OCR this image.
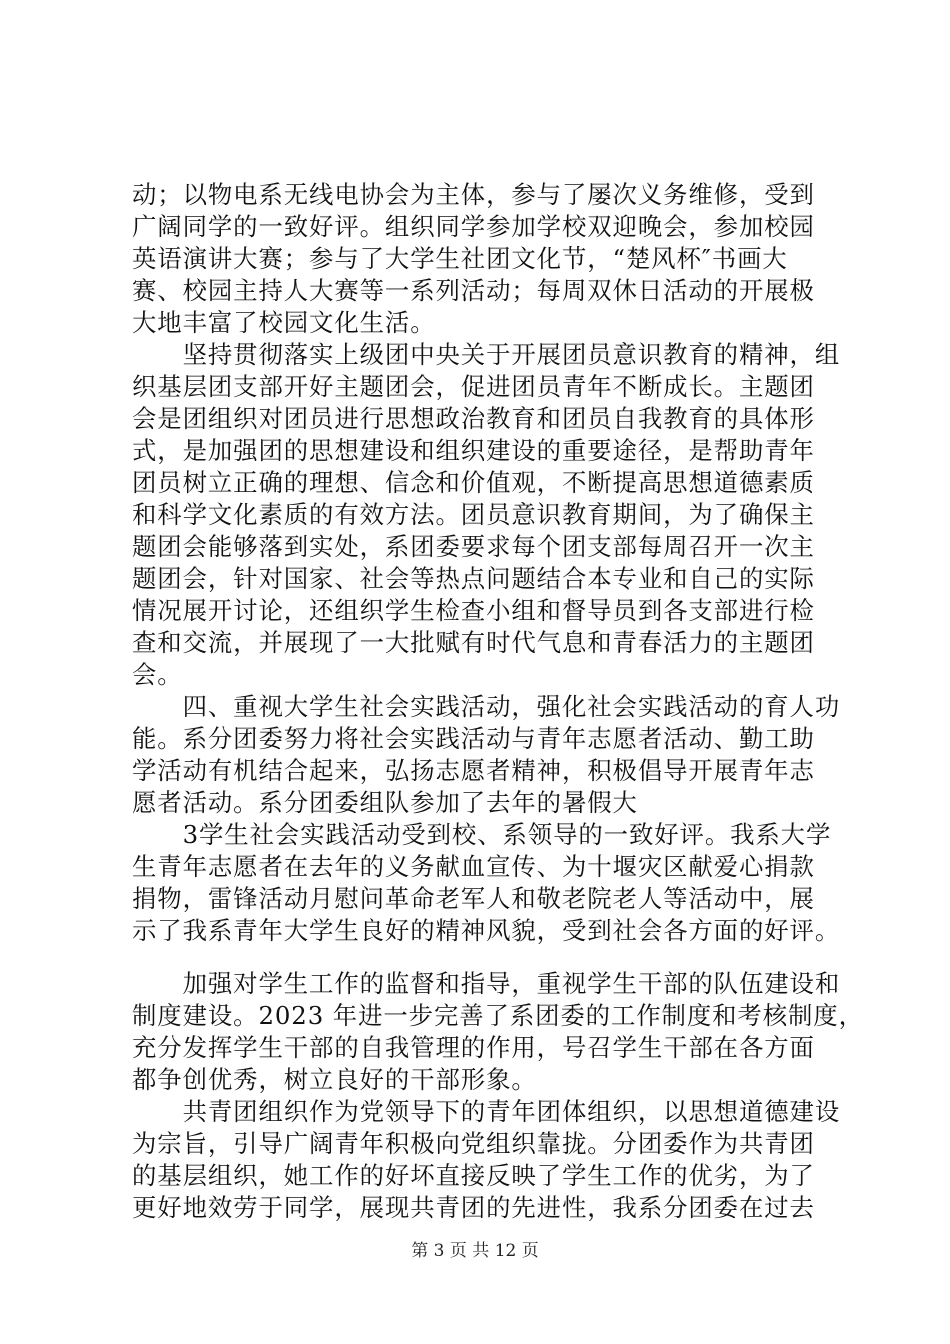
动；以物电系无线电协会为主体，参与了屡次义务维修，受到
广阔同学的一致好评。组织同学参加学校双迎晚会，参加校园
英语演讲大赛；参与了大学生社团文化节，“楚风杯″书画大
赛、校园主持人大赛等一系列活动；每周双休日活动的开展极
大地丰富了校园文化生活。
　　坚持贯彻落实上级团中央关于开展团员意识教育的精神，组
织基层团支部开好主题团会，促进团员青年不断成长。主题团
会是团组织对团员进行思想政治教育和团员自我教育的具体形
式，是加强团的思想建设和组织建设的重要途径，是帮助青年
团员树立正确的理想、信念和价值观，不断提高思想道德素质
和科学文化素质的有效方法。团员意识教育期间，为了确保主
题团会能够落到实处，系团委要求每个团支部每周召开一次主
题团会，针对国家、社会等热点问题结合本专业和自己的实际
情况展开讨论，还组织学生检查小组和督导员到各支部进行检
查和交流，并展现了一大批赋有时代气息和青春活力的主题团
会。
　　四、重视大学生社会实践活动，强化社会实践活动的育人功
能。系分团委努力将社会实践活动与青年志愿者活动、勤工助
学活动有机结合起来，弘扬志愿者精神，积极倡导开展青年志
愿者活动。系分团委组队参加了去年的暑假大
　　3学生社会实践活动受到校、系领导的一致好评。我系大学
生青年志愿者在去年的义务献血宣传、为十堰灾区献爱心捐款
捐物，雷锋活动月慰问革命老军人和敬老院老人等活动中，展
示了我系青年大学生良好的精神风貌，受到社会各方面的好评。
　　加强对学生工作的监督和指导，重视学生干部的队伍建设和
制度建设。2023 年进一步完善了系团委的工作制度和考核制度，
充分发挥学生干部的自我管理的作用，号召学生干部在各方面
都争创优秀，树立良好的干部形象。
　　共青团组织作为党领导下的青年团体组织，以思想道德建设
为宗旨，引导广阔青年积极向党组织靠拢。分团委作为共青团
的基层组织，她工作的好坏直接反映了学生工作的优劣，为了
更好地效劳于同学，展现共青团的先进性，我系分团委在过去
第 3 页 共 12 页
